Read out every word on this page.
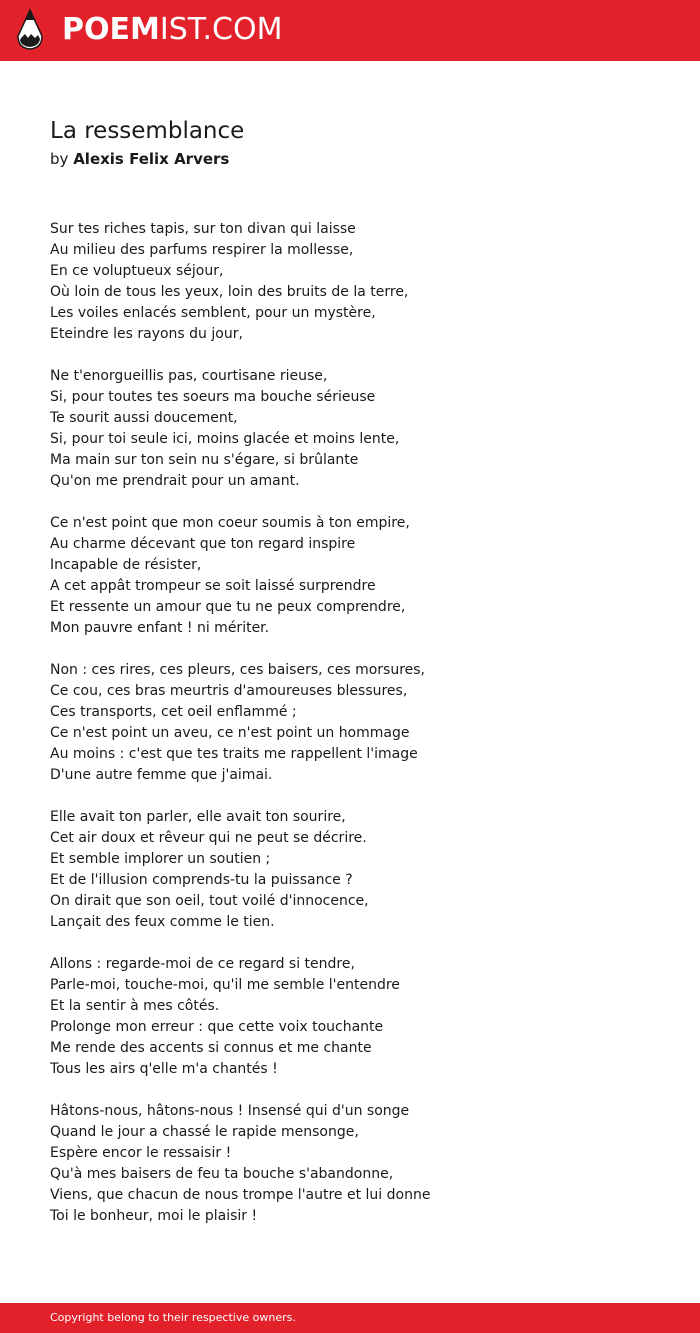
POEMIST.COM
La ressemblance
by Alexis Felix Arvers
Sur tes riches tapis, sur ton divan qui laisse
Au milieu des parfums respirer la mollesse,
En ce voluptueux séjour,
Où loin de tous les yeux, loin des bruits de la terre,
Les voiles enlacés semblent, pour un mystère,
Eteindre les rayons du jour,
Ne t'enorgueillis pas, courtisane rieuse,
Si, pour toutes tes soeurs ma bouche sérieuse
Te sourit aussi doucement,
Si, pour toi seule ici, moins glacée et moins lente,
Ma main sur ton sein nu s'égare, si brûlante
Qu'on me prendrait pour un amant.
Ce n'est point que mon coeur soumis à ton empire,
Au charme décevant que ton regard inspire
Incapable de résister,
A cet appât trompeur se soit laissé surprendre
Et ressente un amour que tu ne peux comprendre,
Mon pauvre enfant ! ni mériter.
Non : ces rires, ces pleurs, ces baisers, ces morsures,
Ce cou, ces bras meurtris d'amoureuses blessures,
Ces transports, cet oeil enflammé ;
Ce n'est point un aveu, ce n'est point un hommage
Au moins : c'est que tes traits me rappellent l'image
D'une autre femme que j'aimai.
Elle avait ton parler, elle avait ton sourire,
Cet air doux et rêveur qui ne peut se décrire.
Et semble implorer un soutien ;
Et de l'illusion comprends-tu la puissance ?
On dirait que son oeil, tout voilé d'innocence,
Lançait des feux comme le tien.
Allons : regarde-moi de ce regard si tendre,
Parle-moi, touche-moi, qu'il me semble l'entendre
Et la sentir à mes côtés.
Prolonge mon erreur : que cette voix touchante
Me rende des accents si connus et me chante
Tous les airs q'elle m'a chantés !
Hâtons-nous, hâtons-nous ! Insensé qui d'un songe
Quand le jour a chassé le rapide mensonge,
Espère encor le ressaisir !
Qu'à mes baisers de feu ta bouche s'abandonne,
Viens, que chacun de nous trompe l'autre et lui donne
Toi le bonheur, moi le plaisir !
Copyright belong to their respective owners.
